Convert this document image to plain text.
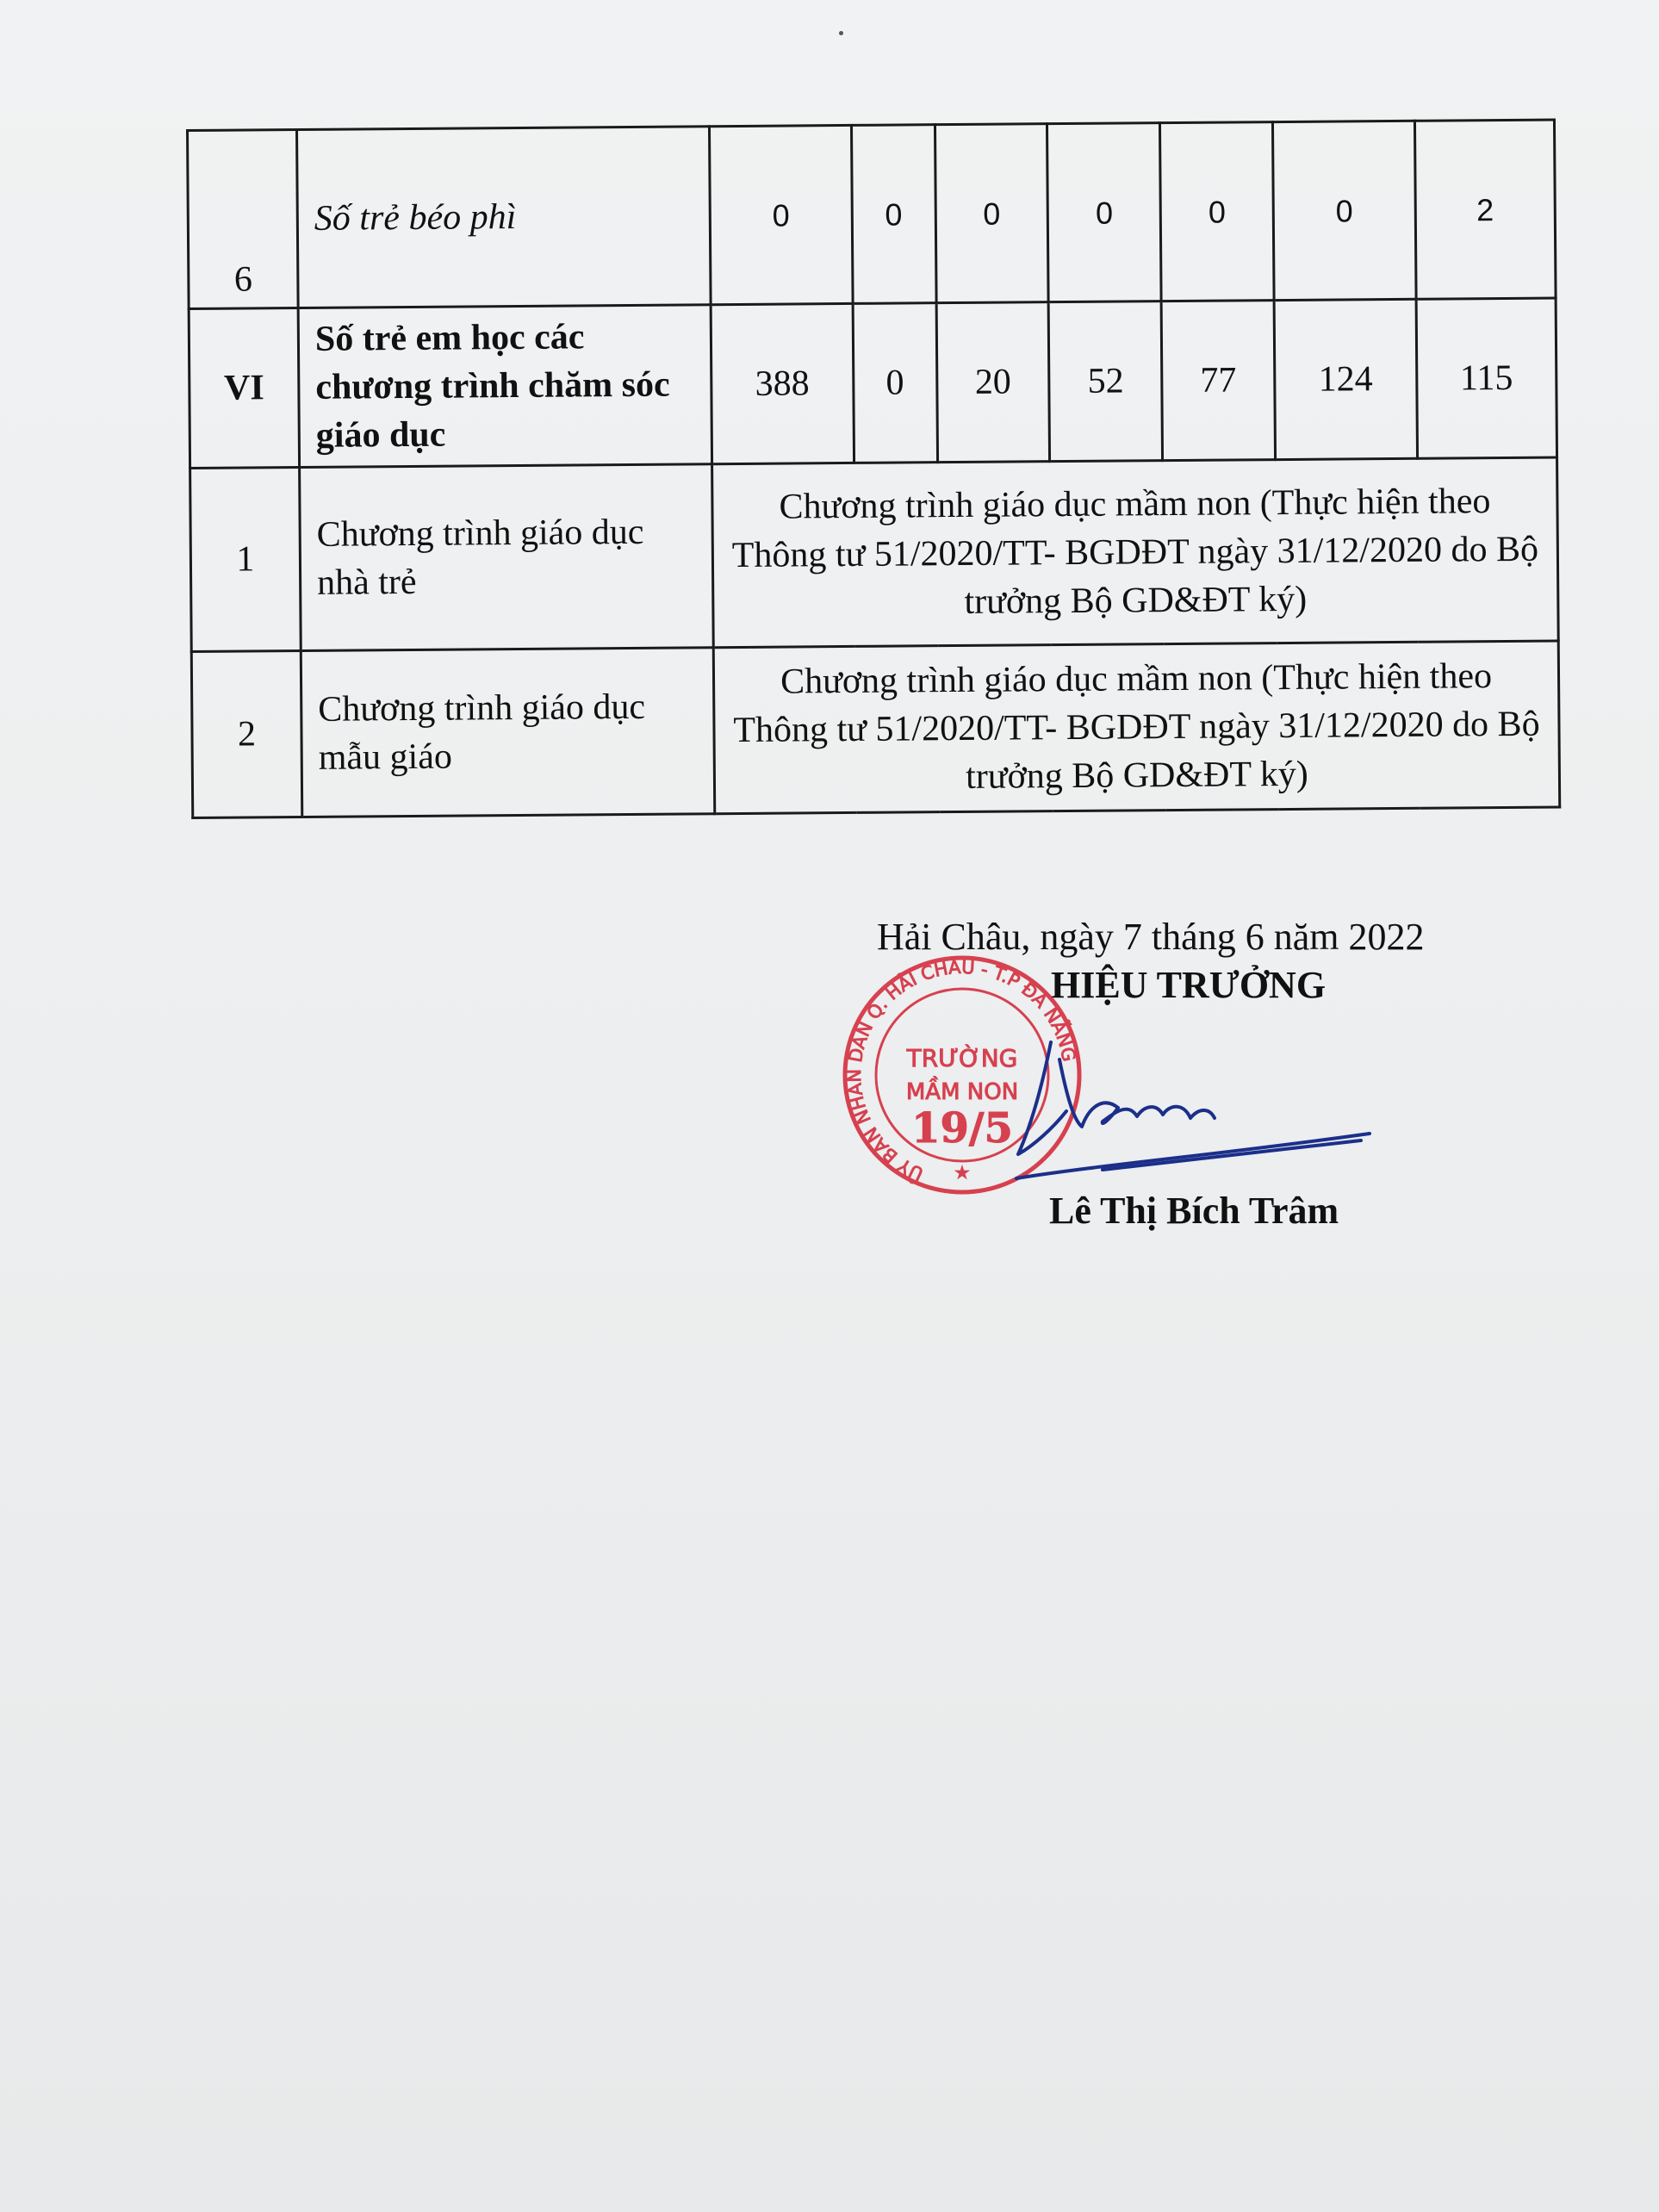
6	Số trẻ béo phì	0	0	0	0	0	0	2
VI	Số trẻ em học các chương trình chăm sóc giáo dục	388	0	20	52	77	124	115
1	Chương trình giáo dục nhà trẻ	Chương trình giáo dục mầm non (Thực hiện theo Thông tư 51/2020/TT- BGDĐT ngày 31/12/2020 do Bộ trưởng Bộ GD&ĐT ký)						
2	Chương trình giáo dục mẫu giáo	Chương trình giáo dục mầm non (Thực hiện theo Thông tư 51/2020/TT- BGDĐT ngày 31/12/2020 do Bộ trưởng Bộ GD&ĐT ký)						
Hải Châu, ngày 7 tháng 6 năm 2022
HIỆU TRƯỞNG
ỦY BAN NHÂN DÂN Q. HẢI CHÂU - T.P ĐÀ NẴNG
TRƯỜNG
MẦM NON
19/5
★
Lê Thị Bích Trâm
